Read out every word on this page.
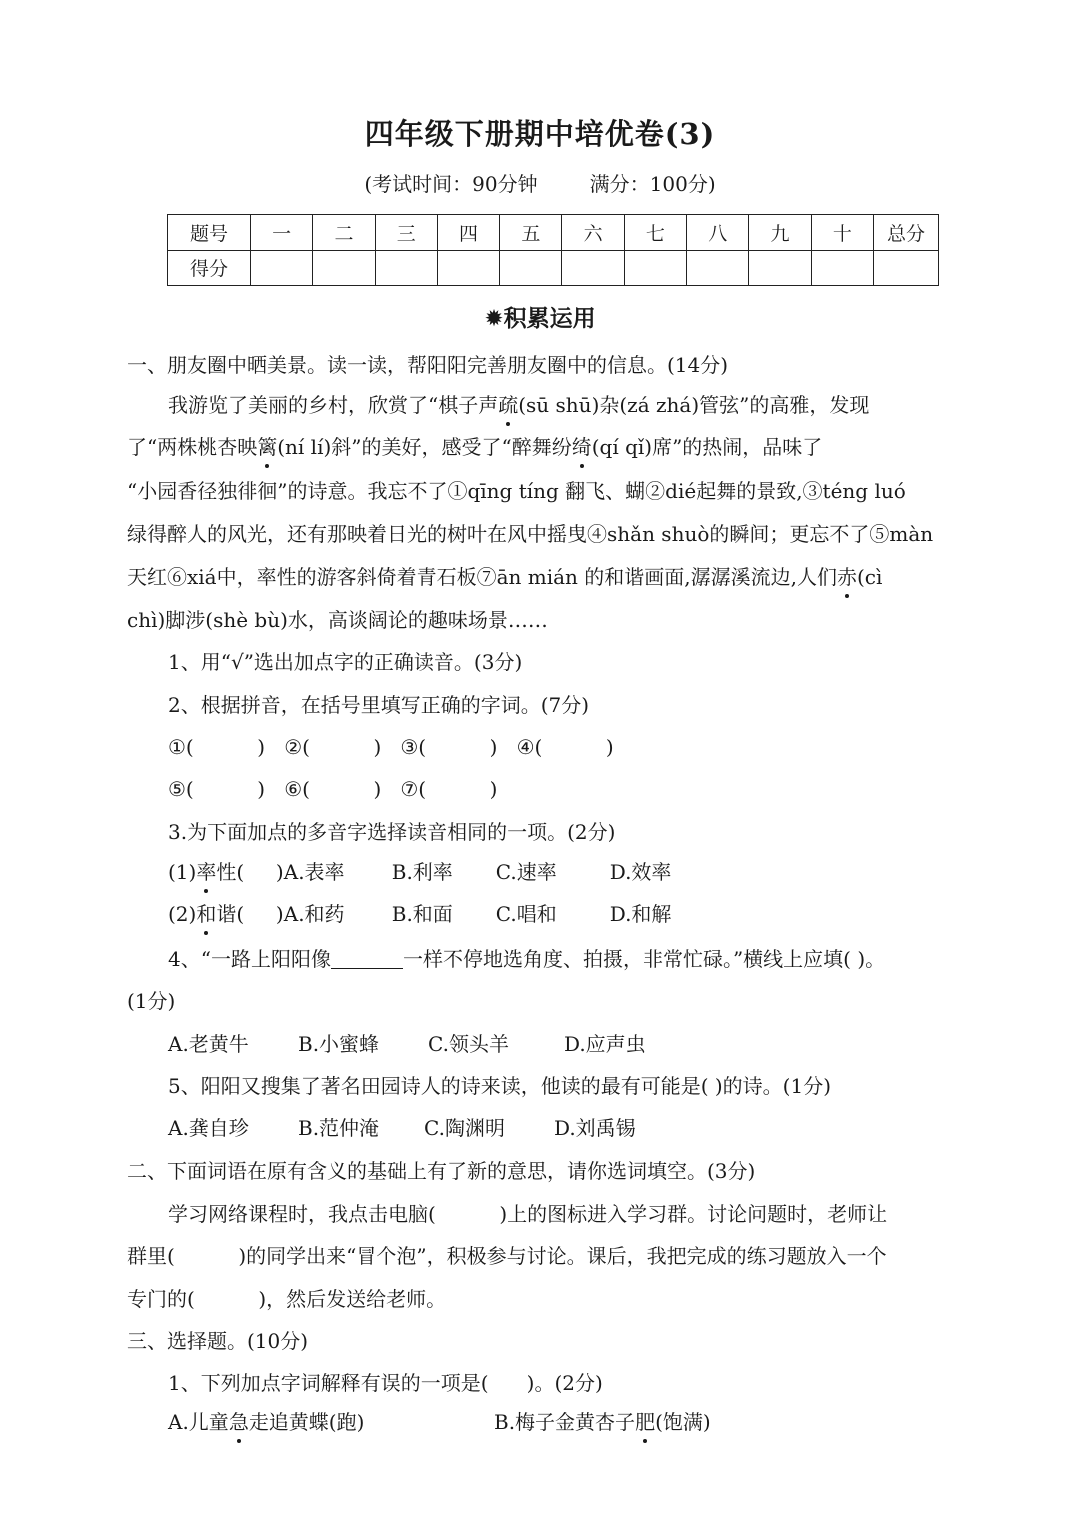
四年级下册期中培优卷(3)
(考试时间：90分钟	满分：100分)
题号	一	二	三	四	五	六	七	八	九	十	总分
得分											
✹积累运用
一、朋友圈中晒美景。读一读，帮阳阳完善朋友圈中的信息。(14分)
我游览了美丽的乡村，欣赏了“棋子声疏(sū shū)杂(zá zhá)管弦”的高雅，发现
了“两株桃杏映篱(ní lí)斜”的美好，感受了“醉舞纷绮(qí qǐ)席”的热闹，品味了
“小园香径独徘徊”的诗意。我忘不了①qīng tíng 翻飞、蝴②dié起舞的景致,③téng luó
绿得醉人的风光，还有那映着日光的树叶在风中摇曳④shǎn shuò的瞬间；更忘不了⑤màn
天红⑥xiá中，率性的游客斜倚着青石板⑦ān mián 的和谐画面,潺潺溪流边,人们赤(cì
chì)脚涉(shè bù)水，高谈阔论的趣味场景……
1、用“√”选出加点字的正确读音。(3分)
2、根据拼音，在括号里填写正确的字词。(7分)
①(          ) ②(          ) ③(          ) ④(          )
⑤(          ) ⑥(          ) ⑦(          )
3.为下面加点的多音字选择读音相同的一项。(2分)
(1)率性(     )A.表率 B.利率 C.速率	D.效率
(2)和谐(     )A.和药 B.和面 C.唱和	D.和解
4、“一路上阳阳像	一样不停地选角度、拍摄，非常忙碌。”横线上应填( )。
(1分)
A.老黄牛 B.小蜜蜂 C.领头羊	D.应声虫
5、阳阳又搜集了著名田园诗人的诗来读，他读的最有可能是( )的诗。(1分)
A.龚自珍 B.范仲淹 C.陶渊明 D.刘禹锡
二、下面词语在原有含义的基础上有了新的意思，请你选词填空。(3分)
学习网络课程时，我点击电脑(          )上的图标进入学习群。讨论问题时，老师让
群里(          )的同学出来“冒个泡”，积极参与讨论。课后，我把完成的练习题放入一个
专门的(          )，然后发送给老师。
三、选择题。(10分)
1、下列加点字词解释有误的一项是(      )。(2分)
A.儿童急走追黄蝶(跑)	B.梅子金黄杏子肥(饱满)
